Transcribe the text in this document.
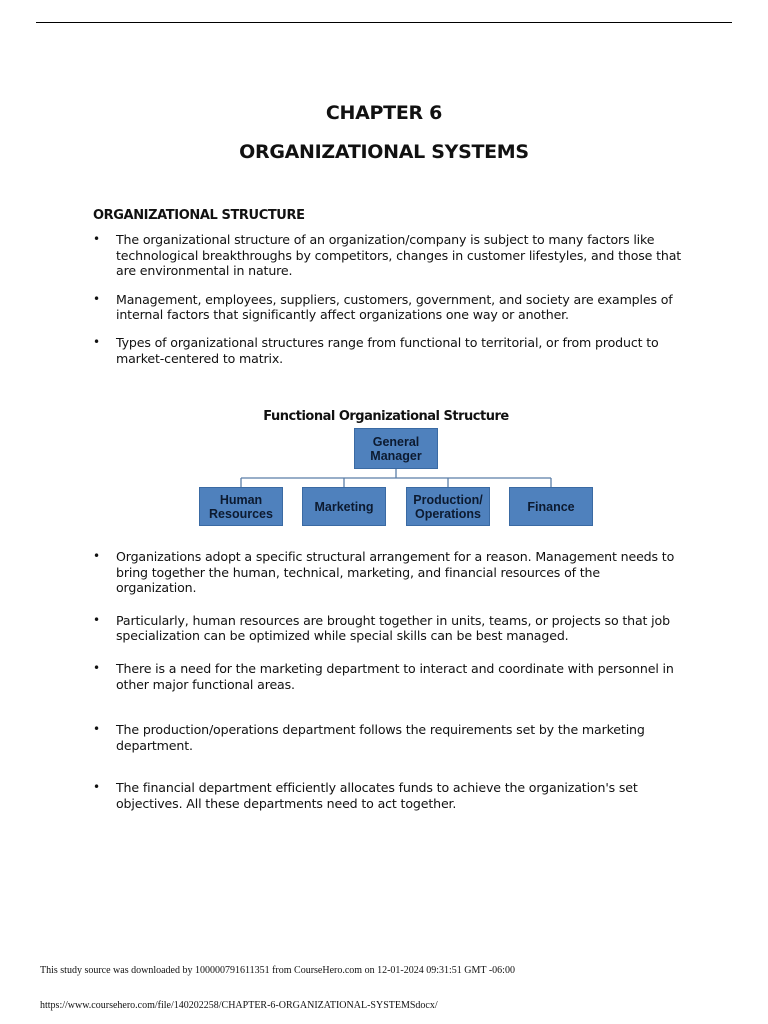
CHAPTER 6
ORGANIZATIONAL SYSTEMS
ORGANIZATIONAL STRUCTURE
• The organizational structure of an organization/company is subject to many factors like technological breakthroughs by competitors, changes in customer lifestyles, and those that are environmental in nature.
• Management, employees, suppliers, customers, government, and society are examples of internal factors that significantly affect organizations one way or another.
• Types of organizational structures range from functional to territorial, or from product to market-centered to matrix.
Functional Organizational Structure
General
Manager
Human
Resources	Marketing	Production/
Operations	Finance
• Organizations adopt a specific structural arrangement for a reason. Management needs to bring together the human, technical, marketing, and financial resources of the organization.
• Particularly, human resources are brought together in units, teams, or projects so that job specialization can be optimized while special skills can be best managed.
• There is a need for the marketing department to interact and coordinate with personnel in other major functional areas.
• The production/operations department follows the requirements set by the marketing department.
• The financial department efficiently allocates funds to achieve the organization's set objectives. All these departments need to act together.
This study source was downloaded by 100000791611351 from CourseHero.com on 12-01-2024 09:31:51 GMT -06:00
https://www.coursehero.com/file/140202258/CHAPTER-6-ORGANIZATIONAL-SYSTEMSdocx/
